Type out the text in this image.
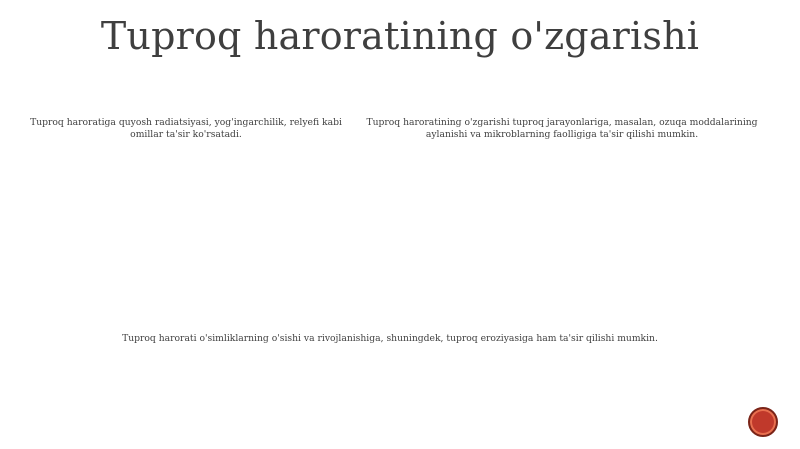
Tuproq haroratining o'zgarishi
Tuproq haroratiga quyosh radiatsiyasi, yog'ingarchilik, relyefi kabi omillar ta'sir ko'rsatadi.
Tuproq haroratining o'zgarishi tuproq jarayonlariga, masalan, ozuqa moddalarining aylanishi va mikroblarning faolligiga ta'sir qilishi mumkin.
Tuproq harorati o'simliklarning o'sishi va rivojlanishiga, shuningdek, tuproq eroziyasiga ham ta'sir qilishi mumkin.
